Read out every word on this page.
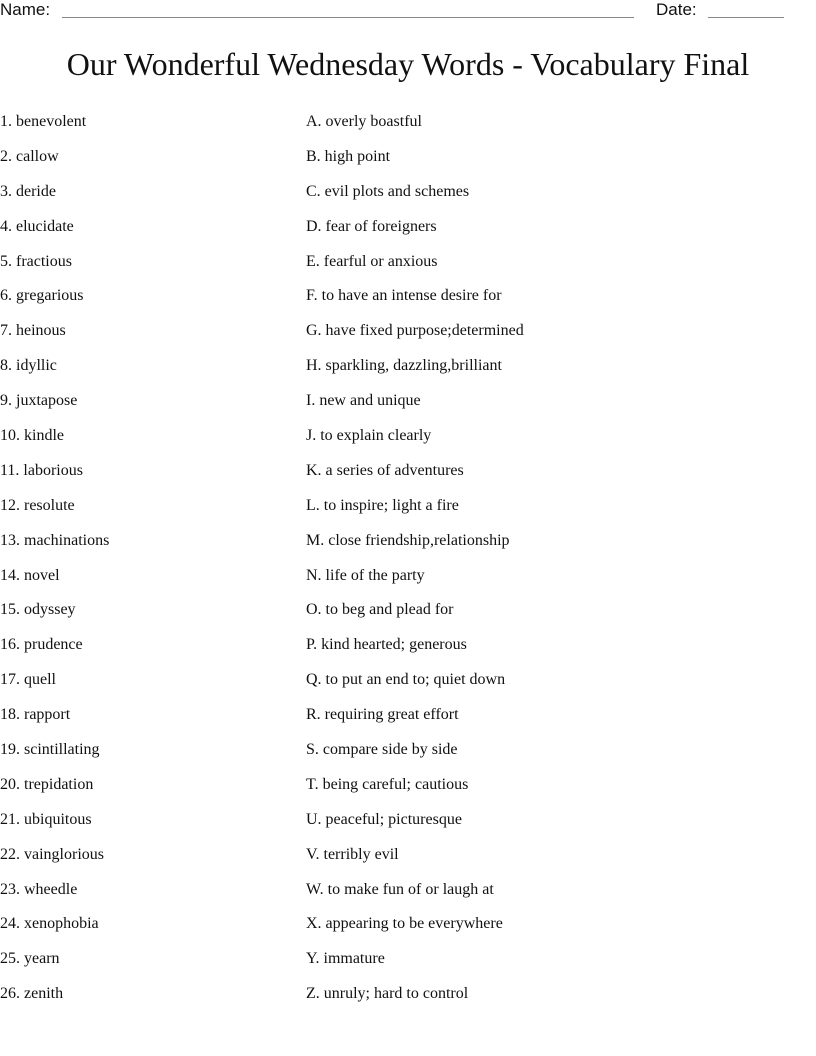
Name:	Date:
Our Wonderful Wednesday Words - Vocabulary Final
1. benevolent
2. callow
3. deride
4. elucidate
5. fractious
6. gregarious
7. heinous
8. idyllic
9. juxtapose
10. kindle
11. laborious
12. resolute
13. machinations
14. novel
15. odyssey
16. prudence
17. quell
18. rapport
19. scintillating
20. trepidation
21. ubiquitous
22. vainglorious
23. wheedle
24. xenophobia
25. yearn
26. zenith
A. overly boastful
B. high point
C. evil plots and schemes
D. fear of foreigners
E. fearful or anxious
F. to have an intense desire for
G. have fixed purpose;determined
H. sparkling, dazzling,brilliant
I. new and unique
J. to explain clearly
K. a series of adventures
L. to inspire; light a fire
M. close friendship,relationship
N. life of the party
O. to beg and plead for
P. kind hearted; generous
Q. to put an end to; quiet down
R. requiring great effort
S. compare side by side
T. being careful; cautious
U. peaceful; picturesque
V. terribly evil
W. to make fun of or laugh at
X. appearing to be everywhere
Y. immature
Z. unruly; hard to control
